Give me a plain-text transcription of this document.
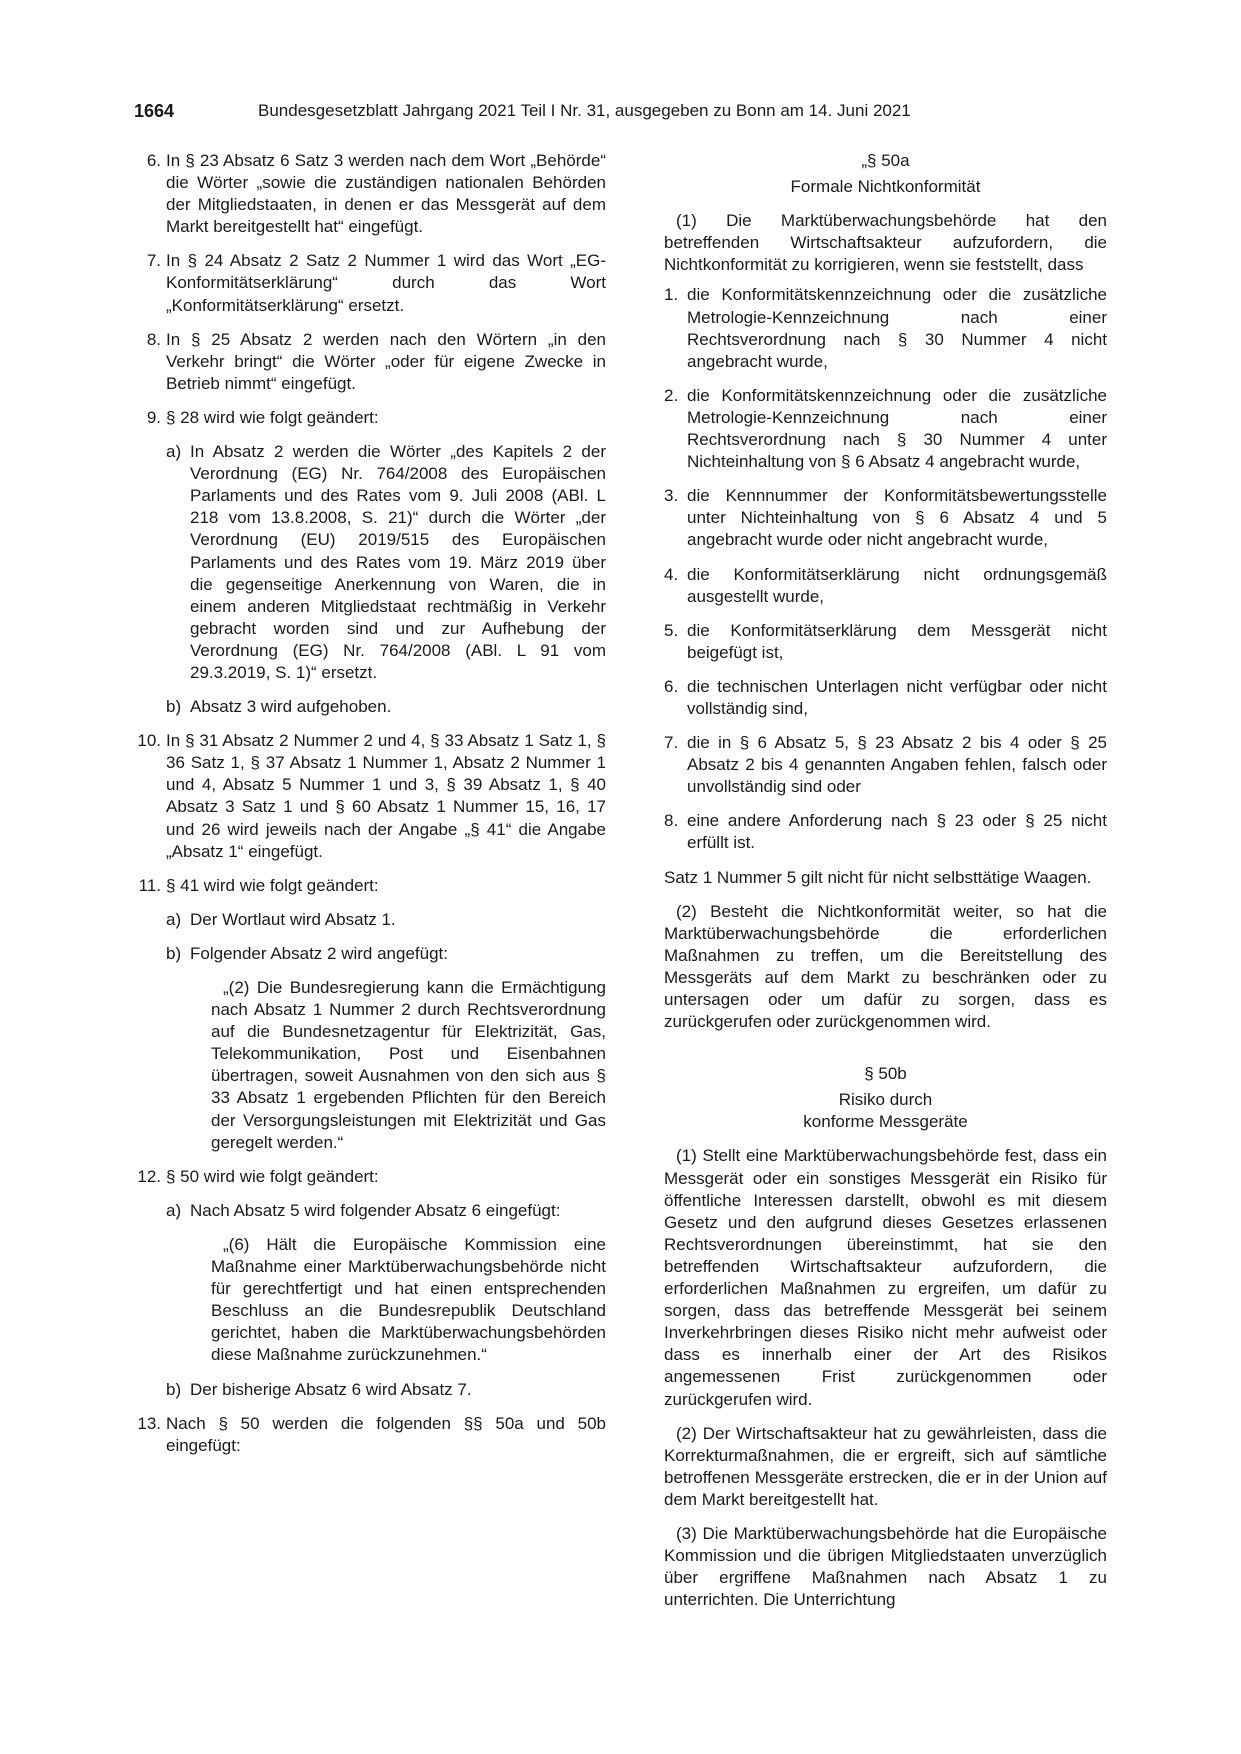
1664	Bundesgesetzblatt Jahrgang 2021 Teil I Nr. 31, ausgegeben zu Bonn am 14. Juni 2021
6. In § 23 Absatz 6 Satz 3 werden nach dem Wort „Behörde“ die Wörter „sowie die zuständigen nationalen Behörden der Mitgliedstaaten, in denen er das Messgerät auf dem Markt bereitgestellt hat“ eingefügt.
7. In § 24 Absatz 2 Satz 2 Nummer 1 wird das Wort „EG-Konformitätserklärung“ durch das Wort „Konformitätserklärung“ ersetzt.
8. In § 25 Absatz 2 werden nach den Wörtern „in den Verkehr bringt“ die Wörter „oder für eigene Zwecke in Betrieb nimmt“ eingefügt.
9. § 28 wird wie folgt geändert:
a) In Absatz 2 werden die Wörter „des Kapitels 2 der Verordnung (EG) Nr. 764/2008 des Europäischen Parlaments und des Rates vom 9. Juli 2008 (ABl. L 218 vom 13.8.2008, S. 21)“ durch die Wörter „der Verordnung (EU) 2019/515 des Europäischen Parlaments und des Rates vom 19. März 2019 über die gegenseitige Anerkennung von Waren, die in einem anderen Mitgliedstaat rechtmäßig in Verkehr gebracht worden sind und zur Aufhebung der Verordnung (EG) Nr. 764/2008 (ABl. L 91 vom 29.3.2019, S. 1)“ ersetzt.
b) Absatz 3 wird aufgehoben.
10. In § 31 Absatz 2 Nummer 2 und 4, § 33 Absatz 1 Satz 1, § 36 Satz 1, § 37 Absatz 1 Nummer 1, Absatz 2 Nummer 1 und 4, Absatz 5 Nummer 1 und 3, § 39 Absatz 1, § 40 Absatz 3 Satz 1 und § 60 Absatz 1 Nummer 15, 16, 17 und 26 wird jeweils nach der Angabe „§ 41“ die Angabe „Absatz 1“ eingefügt.
11. § 41 wird wie folgt geändert:
a) Der Wortlaut wird Absatz 1.
b) Folgender Absatz 2 wird angefügt:

„(2) Die Bundesregierung kann die Ermächtigung nach Absatz 1 Nummer 2 durch Rechtsverordnung auf die Bundesnetzagentur für Elektrizität, Gas, Telekommunikation, Post und Eisenbahnen übertragen, soweit Ausnahmen von den sich aus § 33 Absatz 1 ergebenden Pflichten für den Bereich der Versorgungsleistungen mit Elektrizität und Gas geregelt werden.“

12. § 50 wird wie folgt geändert:
a) Nach Absatz 5 wird folgender Absatz 6 eingefügt:

„(6) Hält die Europäische Kommission eine Maßnahme einer Marktüberwachungsbehörde nicht für gerechtfertigt und hat einen entsprechenden Beschluss an die Bundesrepublik Deutschland gerichtet, haben die Marktüberwachungsbehörden diese Maßnahme zurückzunehmen.“

b) Der bisherige Absatz 6 wird Absatz 7.
13. Nach § 50 werden die folgenden §§ 50a und 50b eingefügt:
„§ 50a
Formale Nichtkonformität
(1) Die Marktüberwachungsbehörde hat den betreffenden Wirtschaftsakteur aufzufordern, die Nichtkonformität zu korrigieren, wenn sie feststellt, dass
1. die Konformitätskennzeichnung oder die zusätzliche Metrologie-Kennzeichnung nach einer Rechtsverordnung nach § 30 Nummer 4 nicht angebracht wurde,
2. die Konformitätskennzeichnung oder die zusätzliche Metrologie-Kennzeichnung nach einer Rechtsverordnung nach § 30 Nummer 4 unter Nichteinhaltung von § 6 Absatz 4 angebracht wurde,
3. die Kennnummer der Konformitätsbewertungsstelle unter Nichteinhaltung von § 6 Absatz 4 und 5 angebracht wurde oder nicht angebracht wurde,
4. die Konformitätserklärung nicht ordnungsgemäß ausgestellt wurde,
5. die Konformitätserklärung dem Messgerät nicht beigefügt ist,
6. die technischen Unterlagen nicht verfügbar oder nicht vollständig sind,
7. die in § 6 Absatz 5, § 23 Absatz 2 bis 4 oder § 25 Absatz 2 bis 4 genannten Angaben fehlen, falsch oder unvollständig sind oder
8. eine andere Anforderung nach § 23 oder § 25 nicht erfüllt ist.
Satz 1 Nummer 5 gilt nicht für nicht selbsttätige Waagen.
(2) Besteht die Nichtkonformität weiter, so hat die Marktüberwachungsbehörde die erforderlichen Maßnahmen zu treffen, um die Bereitstellung des Messgeräts auf dem Markt zu beschränken oder zu untersagen oder um dafür zu sorgen, dass es zurückgerufen oder zurückgenommen wird.
§ 50b
Risiko durch
konforme Messgeräte
(1) Stellt eine Marktüberwachungsbehörde fest, dass ein Messgerät oder ein sonstiges Messgerät ein Risiko für öffentliche Interessen darstellt, obwohl es mit diesem Gesetz und den aufgrund dieses Gesetzes erlassenen Rechtsverordnungen übereinstimmt, hat sie den betreffenden Wirtschaftsakteur aufzufordern, die erforderlichen Maßnahmen zu ergreifen, um dafür zu sorgen, dass das betreffende Messgerät bei seinem Inverkehrbringen dieses Risiko nicht mehr aufweist oder dass es innerhalb einer der Art des Risikos angemessenen Frist zurückgenommen oder zurückgerufen wird.
(2) Der Wirtschaftsakteur hat zu gewährleisten, dass die Korrekturmaßnahmen, die er ergreift, sich auf sämtliche betroffenen Messgeräte erstrecken, die er in der Union auf dem Markt bereitgestellt hat.
(3) Die Marktüberwachungsbehörde hat die Europäische Kommission und die übrigen Mitgliedstaaten unverzüglich über ergriffene Maßnahmen nach Absatz 1 zu unterrichten. Die Unterrichtung
